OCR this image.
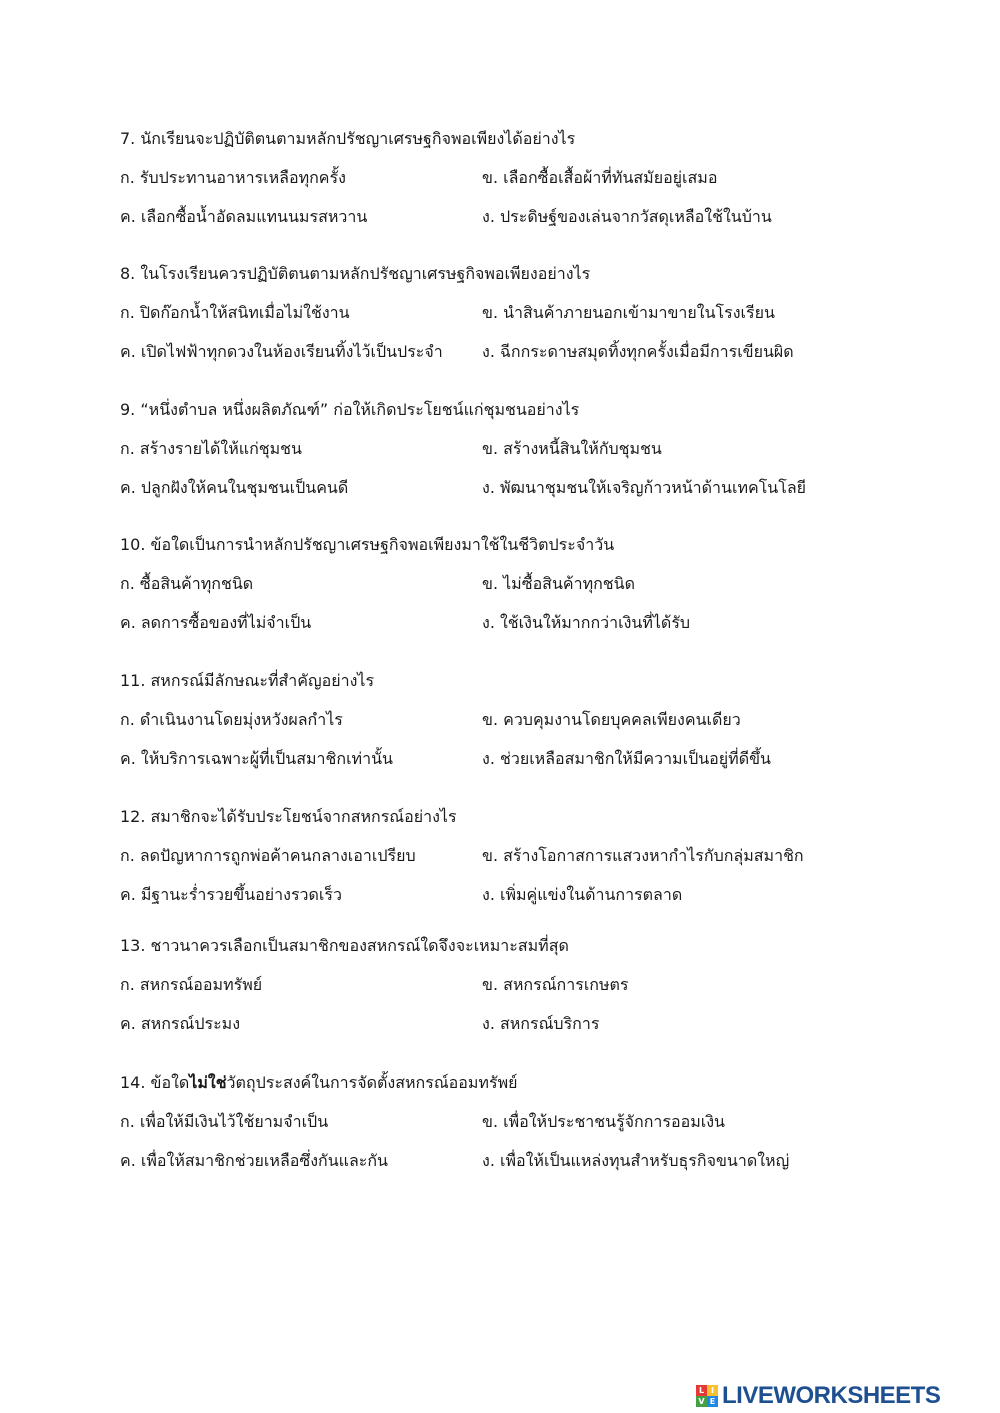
7. นักเรียนจะปฏิบัติตนตามหลักปรัชญาเศรษฐกิจพอเพียงได้อย่างไร
ก. รับประทานอาหารเหลือทุกครั้ง	ข. เลือกซื้อเสื้อผ้าที่ทันสมัยอยู่เสมอ
ค. เลือกซื้อน้ำอัดลมแทนนมรสหวาน	ง. ประดิษฐ์ของเล่นจากวัสดุเหลือใช้ในบ้าน
8. ในโรงเรียนควรปฏิบัติตนตามหลักปรัชญาเศรษฐกิจพอเพียงอย่างไร
ก. ปิดก๊อกน้ำให้สนิทเมื่อไม่ใช้งาน	ข. นำสินค้าภายนอกเข้ามาขายในโรงเรียน
ค. เปิดไฟฟ้าทุกดวงในห้องเรียนทิ้งไว้เป็นประจำ ง. ฉีกกระดาษสมุดทิ้งทุกครั้งเมื่อมีการเขียนผิด
9. “หนึ่งตำบล หนึ่งผลิตภัณฑ์” ก่อให้เกิดประโยชน์แก่ชุมชนอย่างไร
ก. สร้างรายได้ให้แก่ชุมชน	ข. สร้างหนี้สินให้กับชุมชน
ค. ปลูกฝังให้คนในชุมชนเป็นคนดี	ง. พัฒนาชุมชนให้เจริญก้าวหน้าด้านเทคโนโลยี
10. ข้อใดเป็นการนำหลักปรัชญาเศรษฐกิจพอเพียงมาใช้ในชีวิตประจำวัน
ก. ซื้อสินค้าทุกชนิด	ข. ไม่ซื้อสินค้าทุกชนิด
ค. ลดการซื้อของที่ไม่จำเป็น	ง. ใช้เงินให้มากกว่าเงินที่ได้รับ
11. สหกรณ์มีลักษณะที่สำคัญอย่างไร
ก. ดำเนินงานโดยมุ่งหวังผลกำไร	ข. ควบคุมงานโดยบุคคลเพียงคนเดียว
ค. ให้บริการเฉพาะผู้ที่เป็นสมาชิกเท่านั้น	ง. ช่วยเหลือสมาชิกให้มีความเป็นอยู่ที่ดีขึ้น
12. สมาชิกจะได้รับประโยชน์จากสหกรณ์อย่างไร
ก. ลดปัญหาการถูกพ่อค้าคนกลางเอาเปรียบ	ข. สร้างโอกาสการแสวงหากำไรกับกลุ่มสมาชิก
ค. มีฐานะร่ำรวยขึ้นอย่างรวดเร็ว	ง. เพิ่มคู่แข่งในด้านการตลาด
13. ชาวนาควรเลือกเป็นสมาชิกของสหกรณ์ใดจึงจะเหมาะสมที่สุด
ก. สหกรณ์ออมทรัพย์	ข. สหกรณ์การเกษตร
ค. สหกรณ์ประมง	ง. สหกรณ์บริการ
14. ข้อใดไม่ใช่วัตถุประสงค์ในการจัดตั้งสหกรณ์ออมทรัพย์
ก. เพื่อให้มีเงินไว้ใช้ยามจำเป็น	ข. เพื่อให้ประชาชนรู้จักการออมเงิน
ค. เพื่อให้สมาชิกช่วยเหลือซึ่งกันและกัน	ง. เพื่อให้เป็นแหล่งทุนสำหรับธุรกิจขนาดใหญ่
L I
V E LIVEWORKSHEETS
